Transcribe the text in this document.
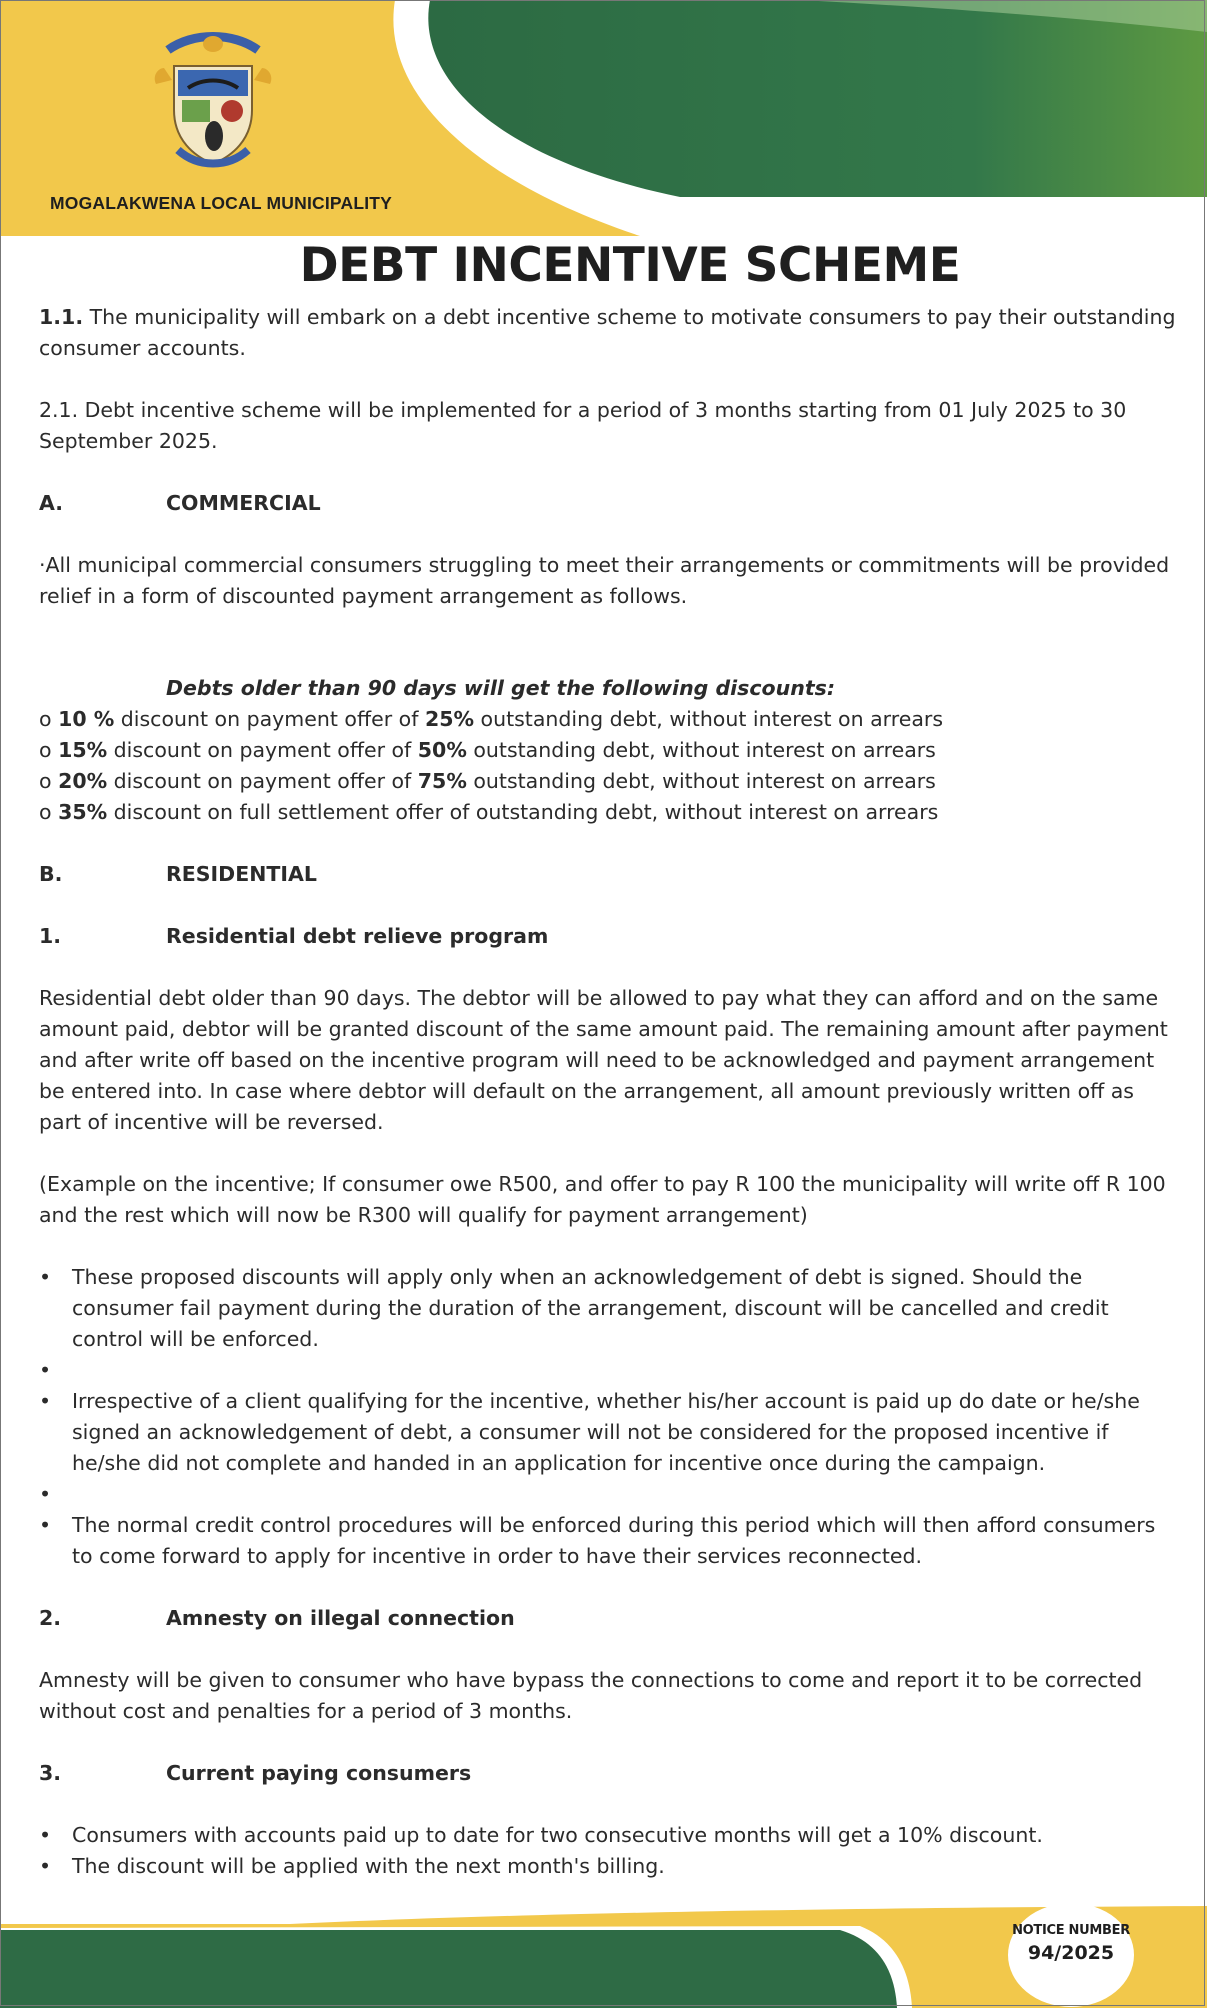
MOGALAKWENA LOCAL MUNICIPALITY
DEBT INCENTIVE SCHEME

1.1. The municipality will embark on a debt incentive scheme to motivate consumers to pay their outstanding consumer accounts.

2.1. Debt incentive scheme will be implemented for a period of 3 months starting from 01 July 2025 to 30 September 2025.

A.	COMMERCIAL

·All municipal commercial consumers struggling to meet their arrangements or commitments will be provided relief in a form of discounted payment arrangement as follows.

Debts older than 90 days will get the following discounts:

o 10 % discount on payment offer of 25% outstanding debt, without interest on arrears

o 15% discount on payment offer of 50% outstanding debt, without interest on arrears

o 20% discount on payment offer of 75% outstanding debt, without interest on arrears

o 35% discount on full settlement offer of outstanding debt, without interest on arrears

B.	RESIDENTIAL
1.	Residential debt relieve program

Residential debt older than 90 days. The debtor will be allowed to pay what they can afford and on the same amount paid, debtor will be granted discount of the same amount paid. The remaining amount after payment and after write off based on the incentive program will need to be acknowledged and payment arrangement be entered into. In case where debtor will default on the arrangement, all amount previously written off as part of incentive will be reversed.

(Example on the incentive; If consumer owe R500, and offer to pay R 100 the municipality will write off R 100 and the rest which will now be R300 will qualify for payment arrangement)

•	These proposed discounts will apply only when an acknowledgement of debt is signed. Should the consumer fail payment during the duration of the arrangement, discount will be cancelled and credit control will be enforced.
•
•	Irrespective of a client qualifying for the incentive, whether his/her account is paid up do date or he/she signed an acknowledgement of debt, a consumer will not be considered for the proposed incentive if he/she did not complete and handed in an application for incentive once during the campaign.
•
•	The normal credit control procedures will be enforced during this period which will then afford consumers to come forward to apply for incentive in order to have their services reconnected.
2.	Amnesty on illegal connection

Amnesty will be given to consumer who have bypass the connections to come and report it to be corrected without cost and penalties for a period of 3 months.

3.	Current paying consumers
•	Consumers with accounts paid up to date for two consecutive months will get a 10% discount.
•	The discount will be applied with the next month's billing.
NOTICE NUMBER
94/2025
